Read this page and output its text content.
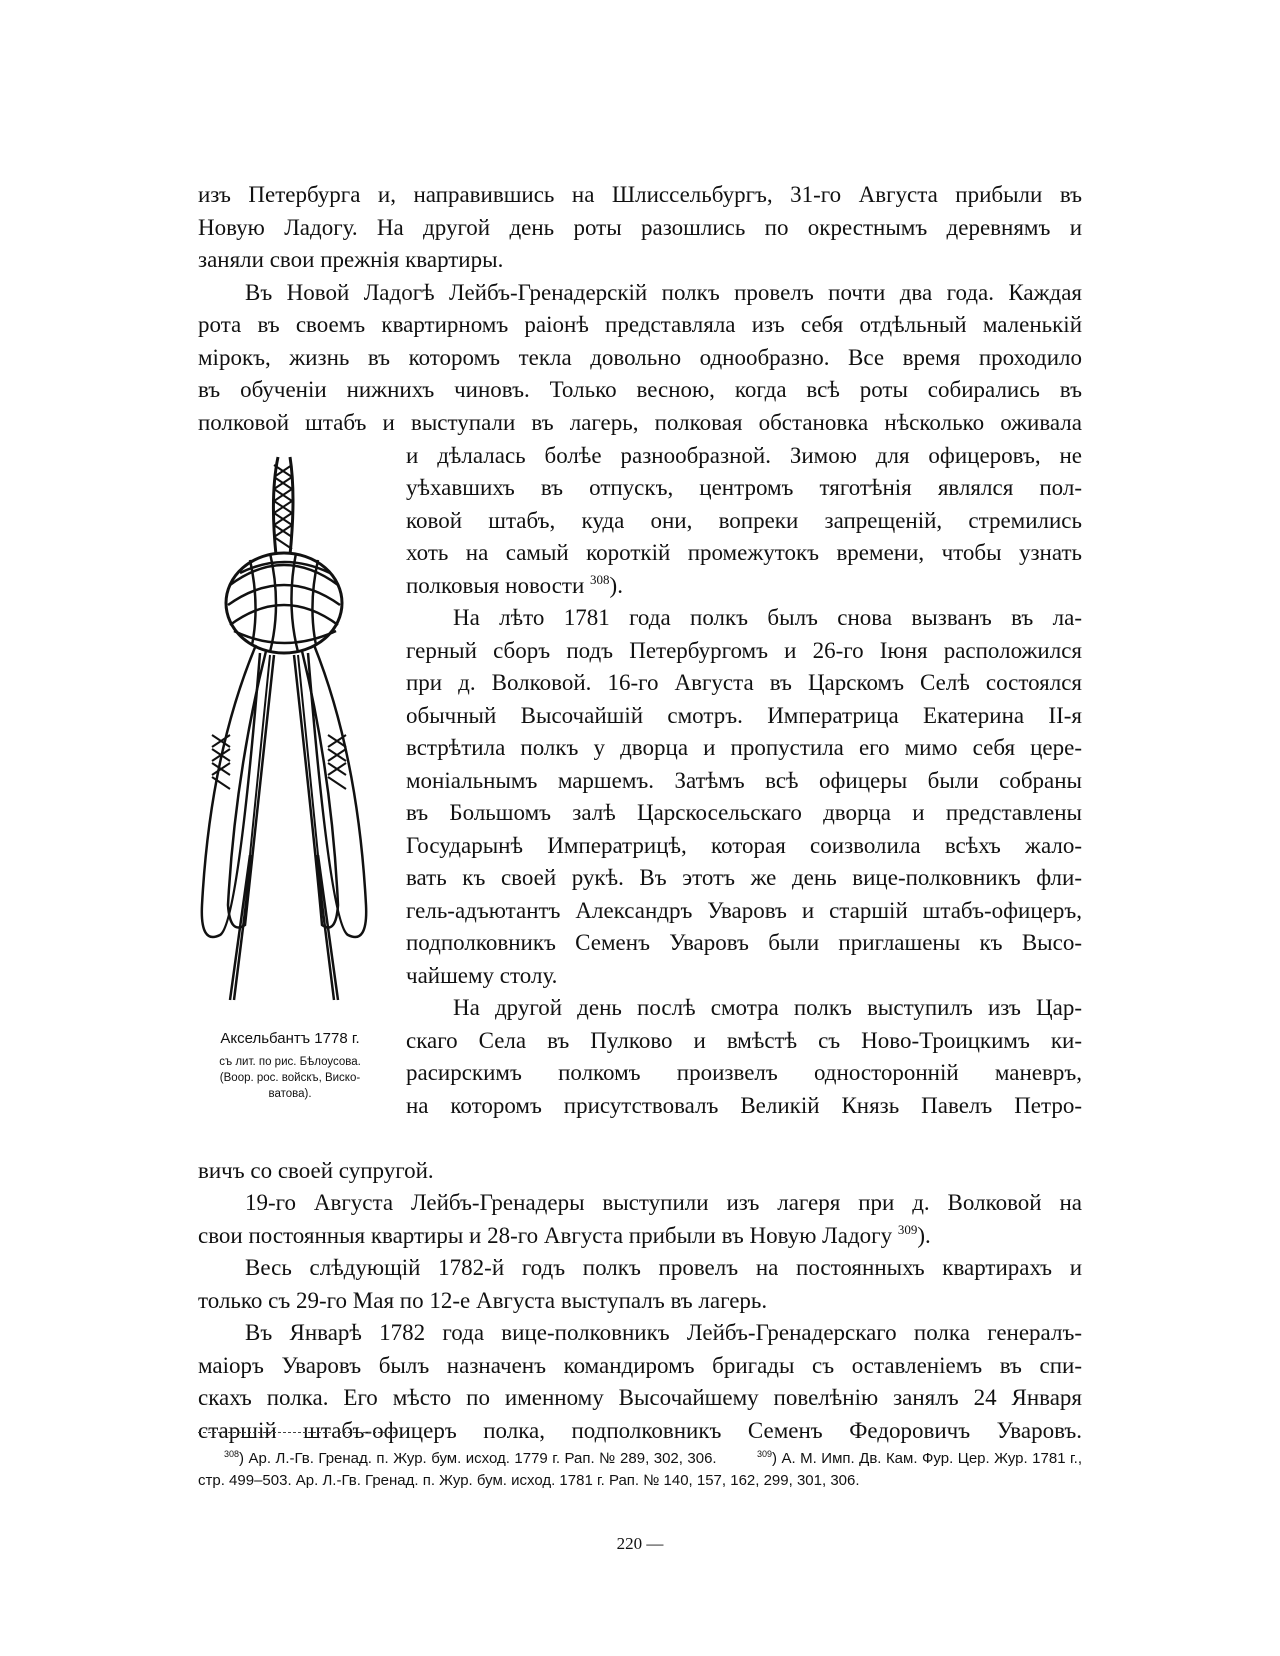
изъ Петербурга и, направившись на Шлиссельбургъ, 31-го Августа прибыли въ
Новую Ладогу. На другой день роты разошлись по окрестнымъ деревнямъ и
заняли свои прежнія квартиры.
Въ Новой Ладогѣ Лейбъ-Гренадерскій полкъ провелъ почти два года. Каждая
рота въ своемъ квартирномъ раіонѣ представляла изъ себя отдѣльный маленькій
мірокъ, жизнь въ которомъ текла довольно однообразно. Все время проходило
въ обученіи нижнихъ чиновъ. Только весною, когда всѣ роты собирались въ
полковой штабъ и выступали въ лагерь, полковая обстановка нѣсколько оживала
Аксельбантъ 1778 г.
съ лит. по рис. Бѣлоусова.
(Воор. рос. войскъ, Виско-
ватова).
и дѣлалась болѣе разнообразной. Зимою для офицеровъ, не
уѣхавшихъ въ отпускъ, центромъ тяготѣнія являлся пол-
ковой штабъ, куда они, вопреки запрещеній, стремились
хоть на самый короткій промежутокъ времени, чтобы узнать
полковыя новости $^{308}$).
На лѣто 1781 года полкъ былъ снова вызванъ въ ла-
герный сборъ подъ Петербургомъ и 26-го Іюня расположился
при д. Волковой. 16-го Августа въ Царскомъ Селѣ состоялся
обычный Высочайшій смотръ. Императрица Екатерина II-я
встрѣтила полкъ у дворца и пропустила его мимо себя цере-
моніальнымъ маршемъ. Затѣмъ всѣ офицеры были собраны
въ Большомъ залѣ Царскосельскаго дворца и представлены
Государынѣ Императрицѣ, которая соизволила всѣхъ жало-
вать къ своей рукѣ. Въ этотъ же день вице-полковникъ фли-
гель-адъютантъ Александръ Уваровъ и старшій штабъ-офицеръ,
подполковникъ Семенъ Уваровъ были приглашены къ Высо-
чайшему столу.
На другой день послѣ смотра полкъ выступилъ изъ Цар-
скаго Села въ Пулково и вмѣстѣ съ Ново-Троицкимъ ки-
расирскимъ полкомъ произвелъ односторонній маневръ,
на которомъ присутствовалъ Великій Князь Павелъ Петро-
вичъ со своей супругой.
19-го Августа Лейбъ-Гренадеры выступили изъ лагеря при д. Волковой на
свои постоянныя квартиры и 28-го Августа прибыли въ Новую Ладогу $^{309}$).
Весь слѣдующій 1782-й годъ полкъ провелъ на постоянныхъ квартирахъ и
только съ 29-го Мая по 12-е Августа выступалъ въ лагерь.
Въ Январѣ 1782 года вице-полковникъ Лейбъ-Гренадерскаго полка генералъ-
маіоръ Уваровъ былъ назначенъ командиромъ бригады съ оставленіемъ въ спи-
скахъ полка. Его мѣсто по именному Высочайшему повелѣнію занялъ 24 Января
старшій штабъ-офицеръ полка, подполковникъ Семенъ Федоровичъ Уваровъ.
$^{308}$) Ар. Л.-Гв. Гренад. п. Жур. бум. исход. 1779 г. Рап. № 289, 302, 306.	$^{309}$) А. М. Имп. Дв. Кам. Фур. Цер. Жур. 1781 г., стр. 499–503. Ар. Л.-Гв. Гренад. п. Жур. бум. исход. 1781 г. Рап. № 140, 157, 162, 299, 301, 306.
220 —
